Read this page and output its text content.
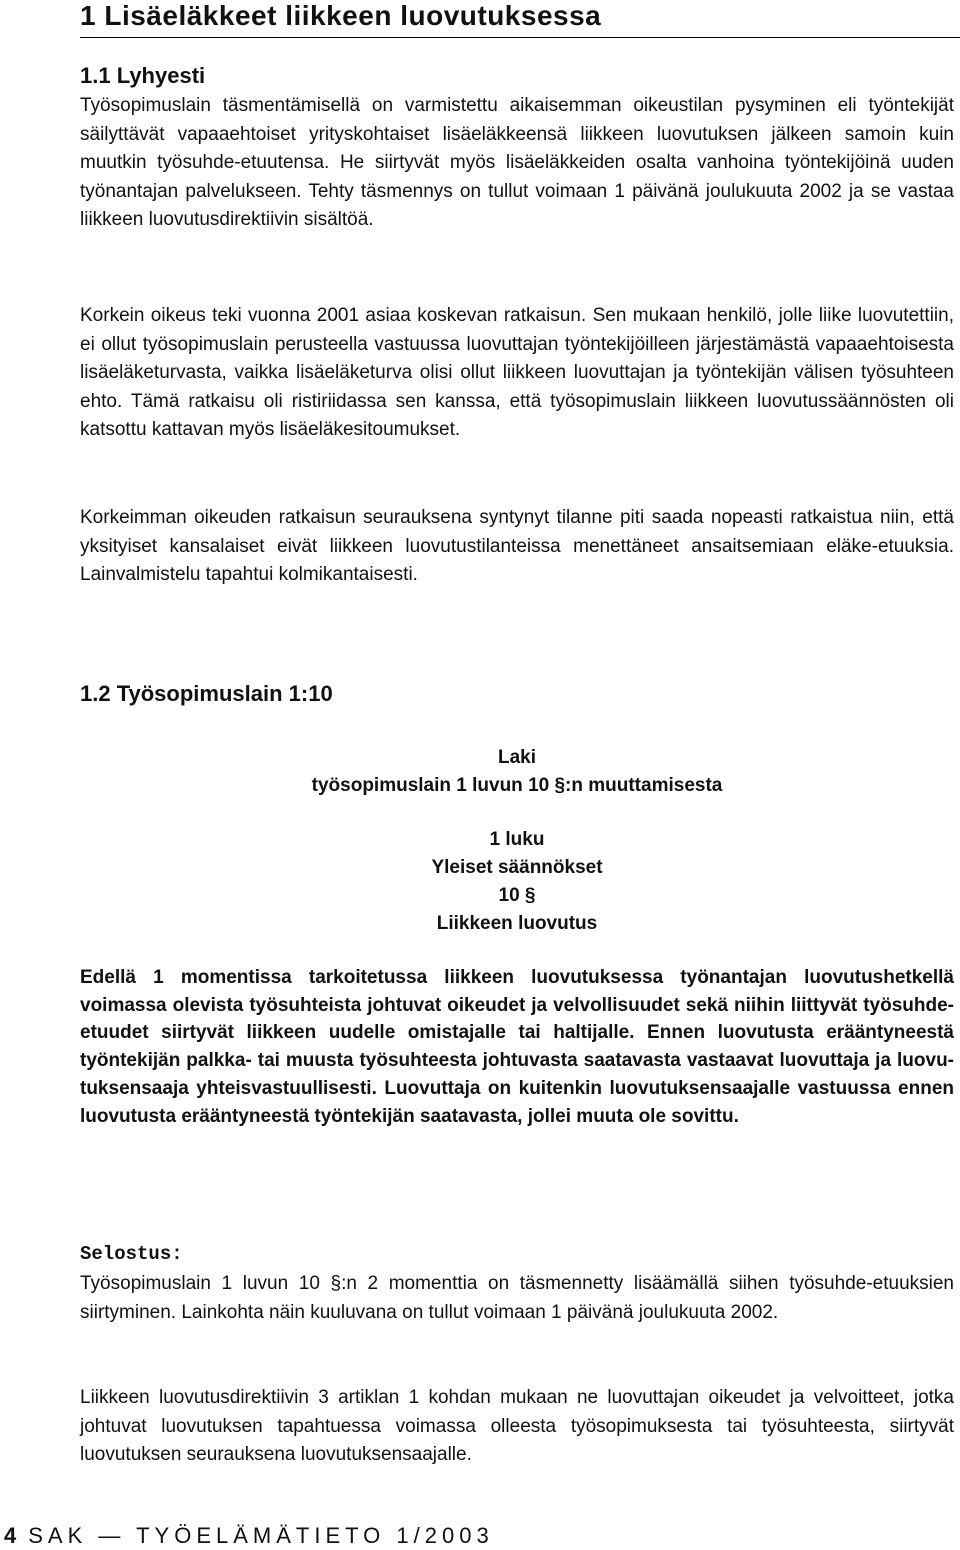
1 Lisäeläkkeet liikkeen luovutuksessa
1.1 Lyhyesti

Työsopimuslain täsmentämisellä on varmistettu aikaisemman oikeustilan pysyminen eli työntekijät säilyttävät vapaaehtoiset yrityskohtaiset lisäeläkkeensä liikkeen luovutuksen jälkeen samoin kuin muutkin työsuhde-etuutensa. He siirtyvät myös lisäeläkkeiden osalta vanhoina työntekijöinä uuden työnantajan palvelukseen. Tehty täsmennys on tullut voimaan 1 päivänä joulukuuta 2002 ja se vastaa liikkeen luovutusdirektiivin sisältöä.

Korkein oikeus teki vuonna 2001 asiaa koskevan ratkaisun. Sen mukaan henkilö, jolle liike luovutettiin, ei ollut työsopimuslain perusteella vastuussa luovuttajan työntekijöilleen järjestämästä vapaaehtoisesta lisäeläketurvasta, vaikka lisäeläketurva olisi ollut liikkeen luovuttajan ja työntekijän välisen työsuhteen ehto. Tämä ratkaisu oli ristiriidassa sen kanssa, että työsopimuslain liikkeen luovutussäännösten oli katsottu kattavan myös lisäeläkesitoumukset.

Korkeimman oikeuden ratkaisun seurauksena syntynyt tilanne piti saada nopeasti ratkaistua niin, että yksityiset kansalaiset eivät liikkeen luovutustilanteissa menettäneet ansaitsemiaan eläke-etuuksia. Lainvalmistelu tapahtui kolmikantaisesti.

1.2 Työsopimuslain 1:10
Laki
työsopimuslain 1 luvun 10 §:n muuttamisesta
1 luku
Yleiset säännökset
10 §
Liikkeen luovutus

Edellä 1 momentissa tarkoitetussa liikkeen luovutuksessa työnantajan luovutushetkellä voimassa olevista työsuhteista johtuvat oikeudet ja velvollisuudet sekä niihin liittyvät työsuhde-etuudet siirtyvät liikkeen uudelle omistajalle tai haltijalle. Ennen luovutusta erääntyneestä työntekijän palkka- tai muusta työsuhteesta johtuvasta saatavasta vastaavat luovuttaja ja luovutuksensaaja yhteisvastuullisesti. Luovuttaja on kuitenkin luovutuksensaajalle vastuussa ennen luovutusta erääntyneestä työntekijän saatavasta, jollei muuta ole sovittu.

Selostus:

Työsopimuslain 1 luvun 10 §:n 2 momenttia on täsmennetty lisäämällä siihen työsuhde-etuuksien siirtyminen. Lainkohta näin kuuluvana on tullut voimaan 1 päivänä joulukuuta 2002.

Liikkeen luovutusdirektiivin 3 artiklan 1 kohdan mukaan ne luovuttajan oikeudet ja velvoitteet, jotka johtuvat luovutuksen tapahtuessa voimassa olleesta työsopimuksesta tai työsuhteesta, siirtyvät luovutuksen seurauksena luovutuksensaajalle.

4 SAK — TYÖELÄMÄTIETO 1/2003
